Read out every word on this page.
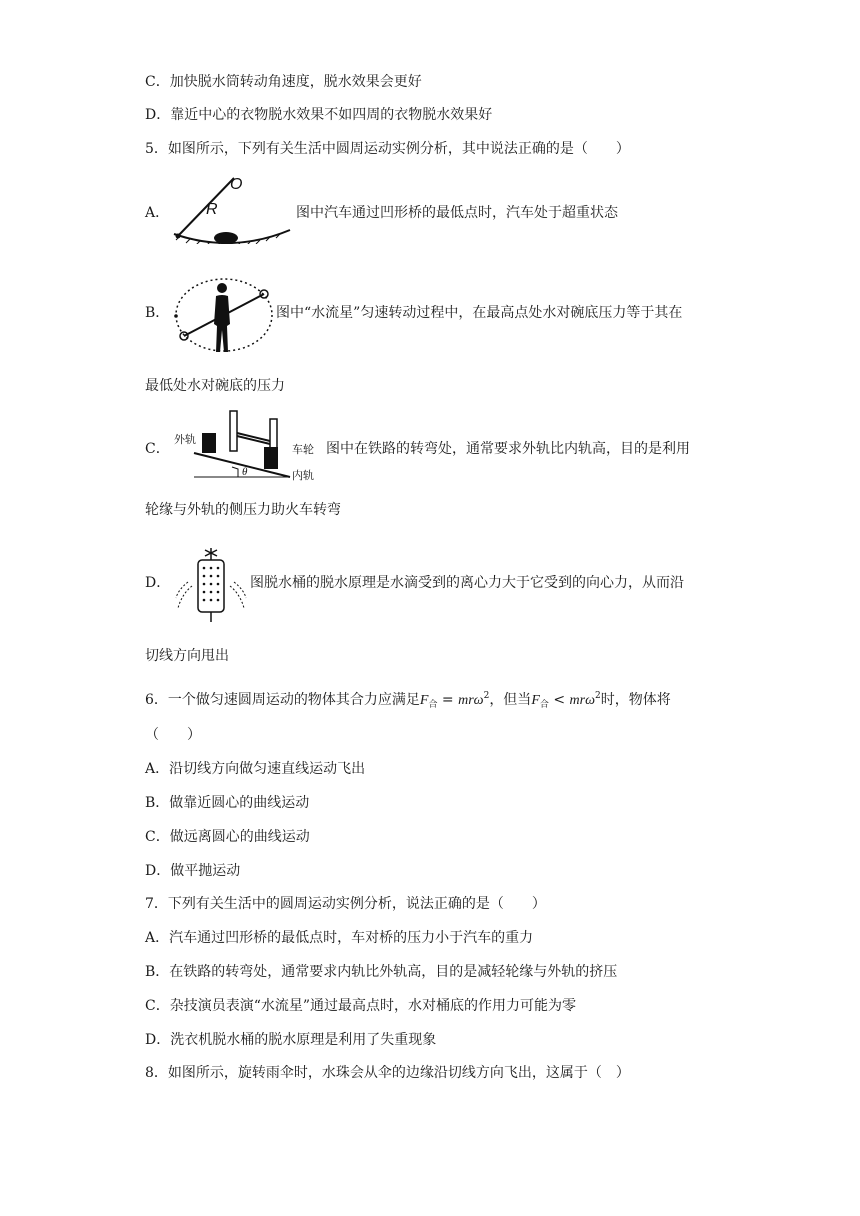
C．加快脱水筒转动角速度，脱水效果会更好
D．靠近中心的衣物脱水效果不如四周的衣物脱水效果好
5．如图所示，下列有关生活中圆周运动实例分析，其中说法正确的是（　　）
A．
O
R	图中汽车通过凹形桥的最低点时，汽车处于超重状态
B．	图中“水流星”匀速转动过程中，在最高点处水对碗底压力等于其在
最低处水对碗底的压力
C．
外轨
车轮
内轨
θ
图中在铁路的转弯处，通常要求外轨比内轨高，目的是利用
轮缘与外轨的侧压力助火车转弯
D．	图脱水桶的脱水原理是水滴受到的离心力大于它受到的向心力，从而沿
切线方向甩出
6．一个做匀速圆周运动的物体其合力应满足$F_合 = mr\omega^2$，但当$F_合 < mr\omega^2$时，物体将
（　　）
A．沿切线方向做匀速直线运动飞出
B．做靠近圆心的曲线运动
C．做远离圆心的曲线运动
D．做平抛运动
7．下列有关生活中的圆周运动实例分析，说法正确的是（　　）
A．汽车通过凹形桥的最低点时，车对桥的压力小于汽车的重力
B．在铁路的转弯处，通常要求内轨比外轨高，目的是减轻轮缘与外轨的挤压
C．杂技演员表演“水流星”通过最高点时，水对桶底的作用力可能为零
D．洗衣机脱水桶的脱水原理是利用了失重现象
8．如图所示，旋转雨伞时，水珠会从伞的边缘沿切线方向飞出，这属于（　）
